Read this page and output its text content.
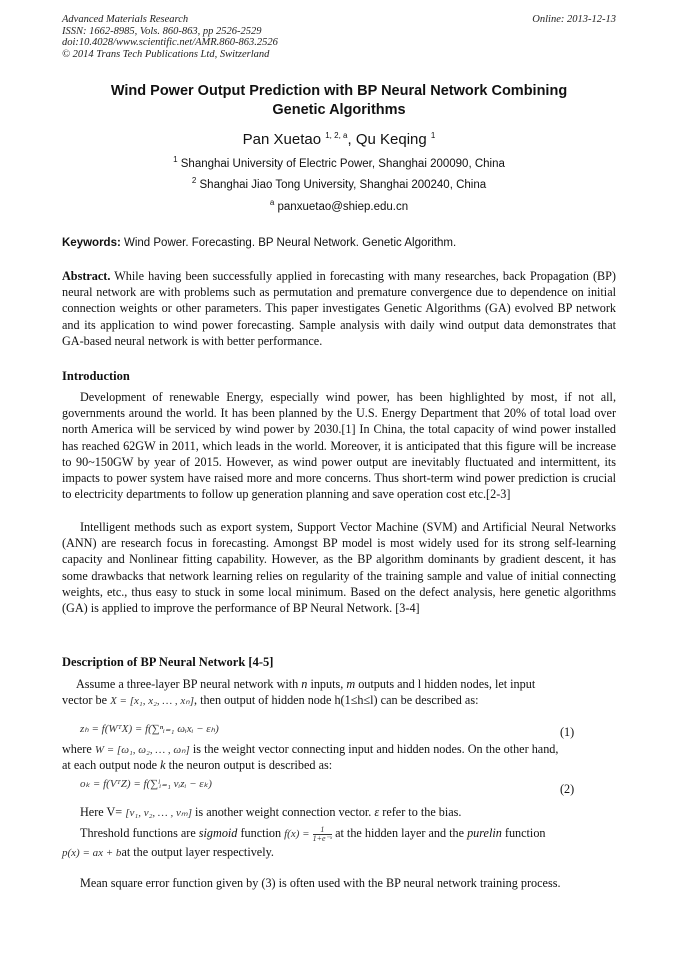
Advanced Materials Research
ISSN: 1662-8985, Vols. 860-863, pp 2526-2529
doi:10.4028/www.scientific.net/AMR.860-863.2526
© 2014 Trans Tech Publications Ltd, Switzerland
Online: 2013-12-13
Wind Power Output Prediction with BP Neural Network Combining
Genetic Algorithms
Pan Xuetao $^{1, 2, a}$, Qu Keqing $^1$
$^1$ Shanghai University of Electric Power, Shanghai 200090, China
$^2$ Shanghai Jiao Tong University, Shanghai 200240, China
$^a$ panxuetao@shiep.edu.cn
Keywords: Wind Power. Forecasting. BP Neural Network. Genetic Algorithm.
Abstract. While having been successfully applied in forecasting with many researches, back Propagation (BP) neural network are with problems such as permutation and premature convergence due to dependence on initial connection weights or other parameters. This paper investigates Genetic Algorithms (GA) evolved BP network and its application to wind power forecasting. Sample analysis with daily wind output data demonstrates that GA-based neural network is with better performance.
Introduction
Development of renewable Energy, especially wind power, has been highlighted by most, if not all, governments around the world. It has been planned by the U.S. Energy Department that 20% of total load over north America will be serviced by wind power by 2030.[1] In China, the total capacity of wind power installed has reached 62GW in 2011, which leads in the world. Moreover, it is anticipated that this figure will be increase to 90~150GW by year of 2015. However, as wind power output are inevitably fluctuated and intermittent, its impacts to power system have raised more and more concerns. Thus short-term wind power prediction is crucial to electricity departments to follow up generation planning and save operation cost etc.[2-3]
Intelligent methods such as export system, Support Vector Machine (SVM) and Artificial Neural Networks (ANN) are research focus in forecasting. Amongst BP model is most widely used for its strong self-learning capacity and Nonlinear fitting capability. However, as the BP algorithm dominants by gradient descent, it has some drawbacks that network learning relies on regularity of the training sample and value of initial connecting weights, etc., thus easy to stuck in some local minimum. Based on the defect analysis, here genetic algorithms (GA) is applied to improve the performance of BP Neural Network. [3-4]
Description of BP Neural Network [4-5]
Assume a three-layer BP neural network with n inputs, m outputs and l hidden nodes, let input
vector be X = [x₁, x₂, … , xₙ], then output of hidden node h(1≤h≤l) can be described as:
zₕ = f(WᵀX) = f(∑ⁿᵢ₌₁ ωᵢxᵢ − εₕ)	(1)
where W = [ω₁, ω₂, … , ωₙ] is the weight vector connecting input and hidden nodes. On the other hand,
at each output node k the neuron output is described as:
oₖ = f(VᵀZ) = f(∑ˡᵢ₌₁ vᵢzᵢ − εₖ)	(2)
Here V= [v₁, v₂, … , vₘ] is another weight connection vector. ε refer to the bias.
Threshold functions are sigmoid function $f(x) = \frac{1}{\text{1+e⁻ˣ}}$ at the hidden layer and the purelin function
p(x) = ax + bat the output layer respectively.
Mean square error function given by (3) is often used with the BP neural network training process.
